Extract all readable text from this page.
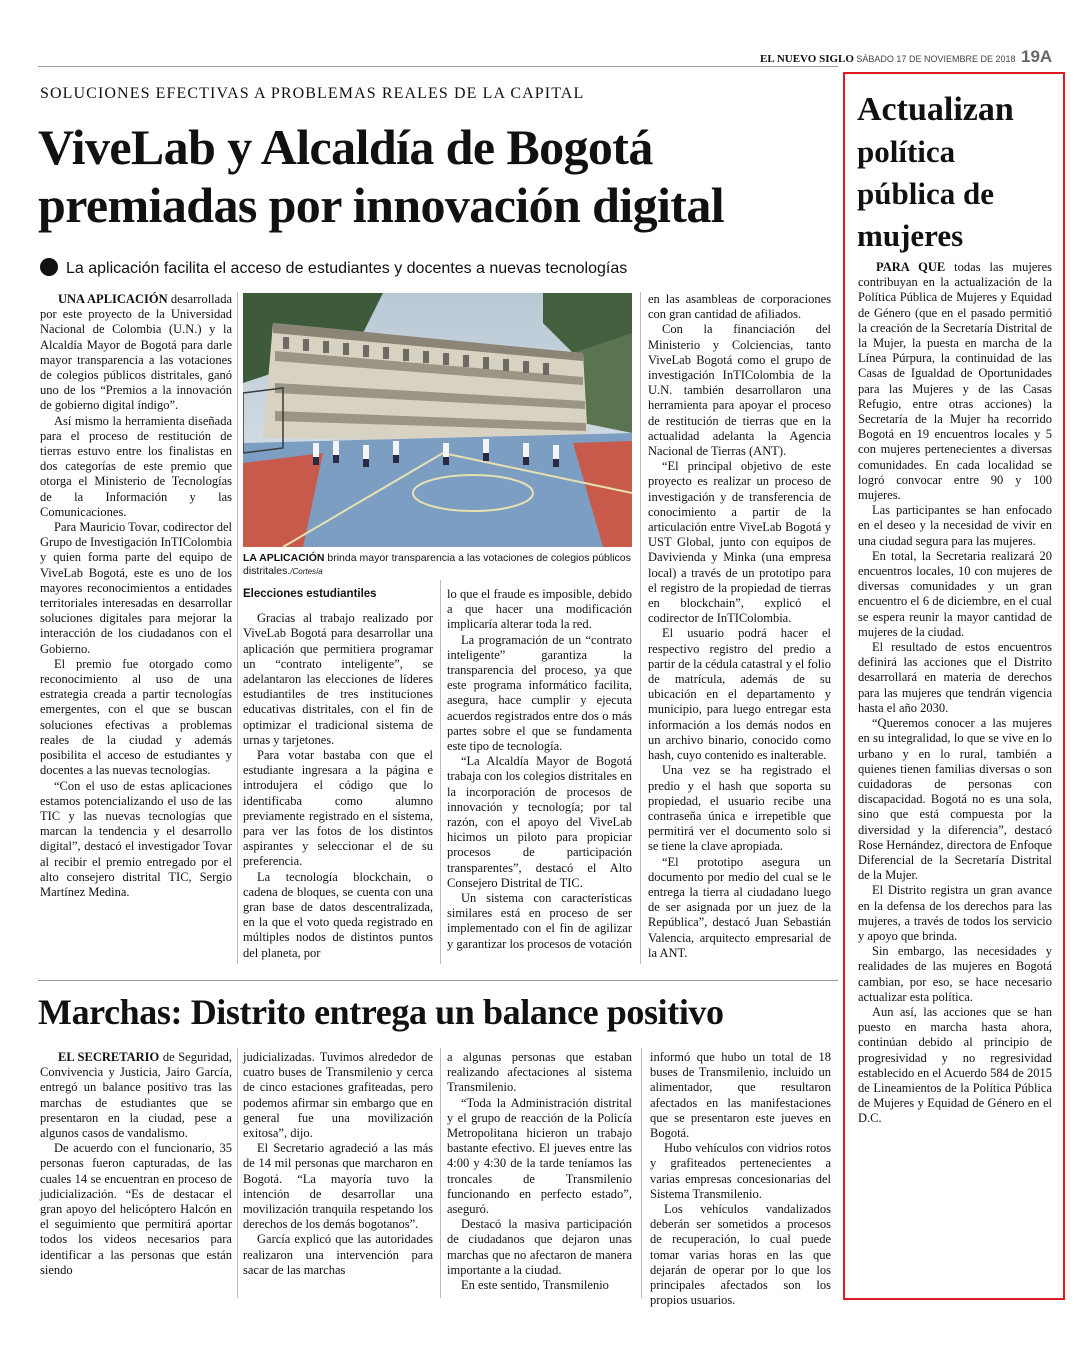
EL NUEVO SIGLO SÁBADO 17 DE NOVIEMBRE DE 2018 19A
SOLUCIONES EFECTIVAS A PROBLEMAS REALES DE LA CAPITAL
ViveLab y Alcaldía de Bogotá
premiadas por innovación digital
La aplicación facilita el acceso de estudiantes y docentes a nuevas tecnologías

UNA APLICACIÓN desarrollada por este proyecto de la Universidad Nacional de Colombia (U.N.) y la Alcaldía Mayor de Bogotá para darle mayor transparencia a las votaciones de colegios públicos distritales, ganó uno de los “Premios a la innovación de gobierno digital índigo”.

Así mismo la herramienta diseñada para el proceso de restitución de tierras estuvo entre los finalistas en dos categorías de este premio que otorga el Ministerio de Tecnologías de la Información y las Comunicaciones.

Para Mauricio Tovar, codirector del Grupo de Investigación InTIColombia y quien forma parte del equipo de ViveLab Bogotá, este es uno de los mayores reconocimientos a entidades territoriales interesadas en desarrollar soluciones digitales para mejorar la interacción de los ciudadanos con el Gobierno.

El premio fue otorgado como reconocimiento al uso de una estrategia creada a partir tecnologías emergentes, con el que se buscan soluciones efectivas a problemas reales de la ciudad y además posibilita el acceso de estudiantes y docentes a las nuevas tecnologías.

“Con el uso de estas aplicaciones estamos potencializando el uso de las TIC y las nuevas tecnologías que marcan la tendencia y el desarrollo digital”, destacó el investigador Tovar al recibir el premio entregado por el alto consejero distrital TIC, Sergio Martínez Medina.

LA APLICACIÓN brinda mayor transparencia a las votaciones de colegios públicos distritales./Cortesía
Elecciones estudiantiles

Gracias al trabajo realizado por ViveLab Bogotá para desarrollar una aplicación que permitiera programar un “contrato inteligente”, se adelantaron las elecciones de líderes estudiantiles de tres instituciones educativas distritales, con el fin de optimizar el tradicional sistema de urnas y tarjetones.

Para votar bastaba con que el estudiante ingresara a la página e introdujera el código que lo identificaba como alumno previamente registrado en el sistema, para ver las fotos de los distintos aspirantes y seleccionar el de su preferencia.

La tecnología blockchain, o cadena de bloques, se cuenta con una gran base de datos descentralizada, en la que el voto queda registrado en múltiples nodos de distintos puntos del planeta, por

lo que el fraude es imposible, debido a que hacer una modificación implicaría alterar toda la red.

La programación de un “contrato inteligente” garantiza la transparencia del proceso, ya que este programa informático facilita, asegura, hace cumplir y ejecuta acuerdos registrados entre dos o más partes sobre el que se fundamenta este tipo de tecnología.

“La Alcaldía Mayor de Bogotá trabaja con los colegios distritales en la incorporación de procesos de innovación y tecnología; por tal razón, con el apoyo del ViveLab hicimos un piloto para propiciar procesos de participación transparentes”, destacó el Alto Consejero Distrital de TIC.

Un sistema con características similares está en proceso de ser implementado con el fin de agilizar y garantizar los procesos de votación

en las asambleas de corporaciones con gran cantidad de afiliados.

Con la financiación del Ministerio y Colciencias, tanto ViveLab Bogotá como el grupo de investigación InTIColombia de la U.N. también desarrollaron una herramienta para apoyar el proceso de restitución de tierras que en la actualidad adelanta la Agencia Nacional de Tierras (ANT).

“El principal objetivo de este proyecto es realizar un proceso de investigación y de transferencia de conocimiento a partir de la articulación entre ViveLab Bogotá y UST Global, junto con equipos de Davivienda y Minka (una empresa local) a través de un prototipo para el registro de la propiedad de tierras en blockchain”, explicó el codirector de InTIColombia.

El usuario podrá hacer el respectivo registro del predio a partir de la cédula catastral y el folio de matrícula, además de su ubicación en el departamento y municipio, para luego entregar esta información a los demás nodos en un archivo binario, conocido como hash, cuyo contenido es inalterable.

Una vez se ha registrado el predio y el hash que soporta su propiedad, el usuario recibe una contraseña única e irrepetible que permitirá ver el documento solo si se tiene la clave apropiada.

“El prototipo asegura un documento por medio del cual se le entrega la tierra al ciudadano luego de ser asignada por un juez de la República”, destacó Juan Sebastián Valencia, arquitecto empresarial de la ANT.

Marchas: Distrito entrega un balance positivo

EL SECRETARIO de Seguridad, Convivencia y Justicia, Jairo García, entregó un balance positivo tras las marchas de estudiantes que se presentaron en la ciudad, pese a algunos casos de vandalismo.

De acuerdo con el funcionario, 35 personas fueron capturadas, de las cuales 14 se encuentran en proceso de judicialización. “Es de destacar el gran apoyo del helicóptero Halcón en el seguimiento que permitirá aportar todos los videos necesarios para identificar a las personas que están siendo

judicializadas. Tuvimos alrededor de cuatro buses de Transmilenio y cerca de cinco estaciones grafiteadas, pero podemos afirmar sin embargo que en general fue una movilización exitosa”, dijo.

El Secretario agradeció a las más de 14 mil personas que marcharon en Bogotá. “La mayoría tuvo la intención de desarrollar una movilización tranquila respetando los derechos de los demás bogotanos”.

García explicó que las autoridades realizaron una intervención para sacar de las marchas

a algunas personas que estaban realizando afectaciones al sistema Transmilenio.

“Toda la Administración distrital y el grupo de reacción de la Policía Metropolitana hicieron un trabajo bastante efectivo. El jueves entre las 4:00 y 4:30 de la tarde teníamos las troncales de Transmilenio funcionando en perfecto estado”, aseguró.

Destacó la masiva participación de ciudadanos que dejaron unas marchas que no afectaron de manera importante a la ciudad.

En este sentido, Transmilenio

informó que hubo un total de 18 buses de Transmilenio, incluido un alimentador, que resultaron afectados en las manifestaciones que se presentaron este jueves en Bogotá.

Hubo vehículos con vidrios rotos y grafiteados pertenecientes a varias empresas concesionarias del Sistema Transmilenio.

Los vehículos vandalizados deberán ser sometidos a procesos de recuperación, lo cual puede tomar varias horas en las que dejarán de operar por lo que los principales afectados son los propios usuarios.

Actualizan
política
pública de
mujeres

PARA QUE todas las mujeres contribuyan en la actualización de la Política Pública de Mujeres y Equidad de Género (que en el pasado permitió la creación de la Secretaría Distrital de la Mujer, la puesta en marcha de la Línea Púrpura, la continuidad de las Casas de Igualdad de Oportunidades para las Mujeres y de las Casas Refugio, entre otras acciones) la Secretaría de la Mujer ha recorrido Bogotá en 19 encuentros locales y 5 con mujeres pertenecientes a diversas comunidades. En cada localidad se logró convocar entre 90 y 100 mujeres.

Las participantes se han enfocado en el deseo y la necesidad de vivir en una ciudad segura para las mujeres.

En total, la Secretaria realizará 20 encuentros locales, 10 con mujeres de diversas comunidades y un gran encuentro el 6 de diciembre, en el cual se espera reunir la mayor cantidad de mujeres de la ciudad.

El resultado de estos encuentros definirá las acciones que el Distrito desarrollará en materia de derechos para las mujeres que tendrán vigencia hasta el año 2030.

“Queremos conocer a las mujeres en su integralidad, lo que se vive en lo urbano y en lo rural, también a quienes tienen familias diversas o son cuidadoras de personas con discapacidad. Bogotá no es una sola, sino que está compuesta por la diversidad y la diferencia”, destacó Rose Hernández, directora de Enfoque Diferencial de la Secretaría Distrital de la Mujer.

El Distrito registra un gran avance en la defensa de los derechos para las mujeres, a través de todos los servicio y apoyo que brinda.

Sin embargo, las necesidades y realidades de las mujeres en Bogotá cambian, por eso, se hace necesario actualizar esta política.

Aun así, las acciones que se han puesto en marcha hasta ahora, continúan debido al principio de progresividad y no regresividad establecido en el Acuerdo 584 de 2015 de Lineamientos de la Política Pública de Mujeres y Equidad de Género en el D.C.
